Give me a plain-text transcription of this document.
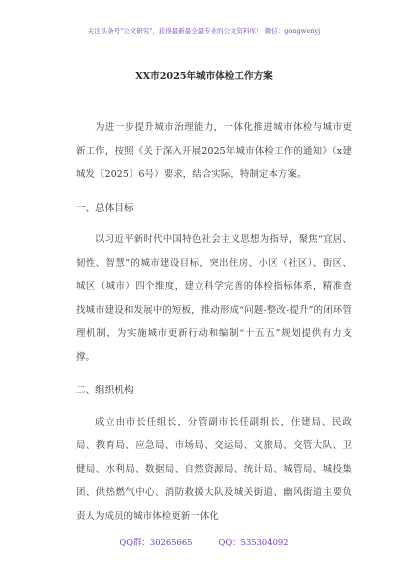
关注头条号"公文研究"，获得最新最全最专业的公文资料库！ 微信：gongwenyj
XX市2025年城市体检工作方案

为进一步提升城市治理能力，一体化推进城市体检与城市更新工作，按照《关于深入开展2025年城市体检工作的通知》（x建城发〔2025〕6号）要求，结合实际，特制定本方案。

一、总体目标

以习近平新时代中国特色社会主义思想为指导，聚焦“宜居、韧性、智慧”的城市建设目标，突出住房、小区（社区）、街区、城区（城市）四个维度，建立科学完善的体检指标体系，精准查找城市建设和发展中的短板，推动形成“问题-整改-提升”的闭环管理机制，为实施城市更新行动和编制“十五五”规划提供有力支撑。

二、组织机构

成立由市长任组长，分管副市长任副组长，住建局、民政局、教育局、应急局、市场局、交运局、文旅局、交管大队、卫健局、水利局、数据局、自然资源局、统计局、城管局、城投集团、供热燃气中心、消防救援大队及城关街道、幽风街道主要负责人为成员的城市体检更新一体化

QQ群：30265665	QQ：535304092
